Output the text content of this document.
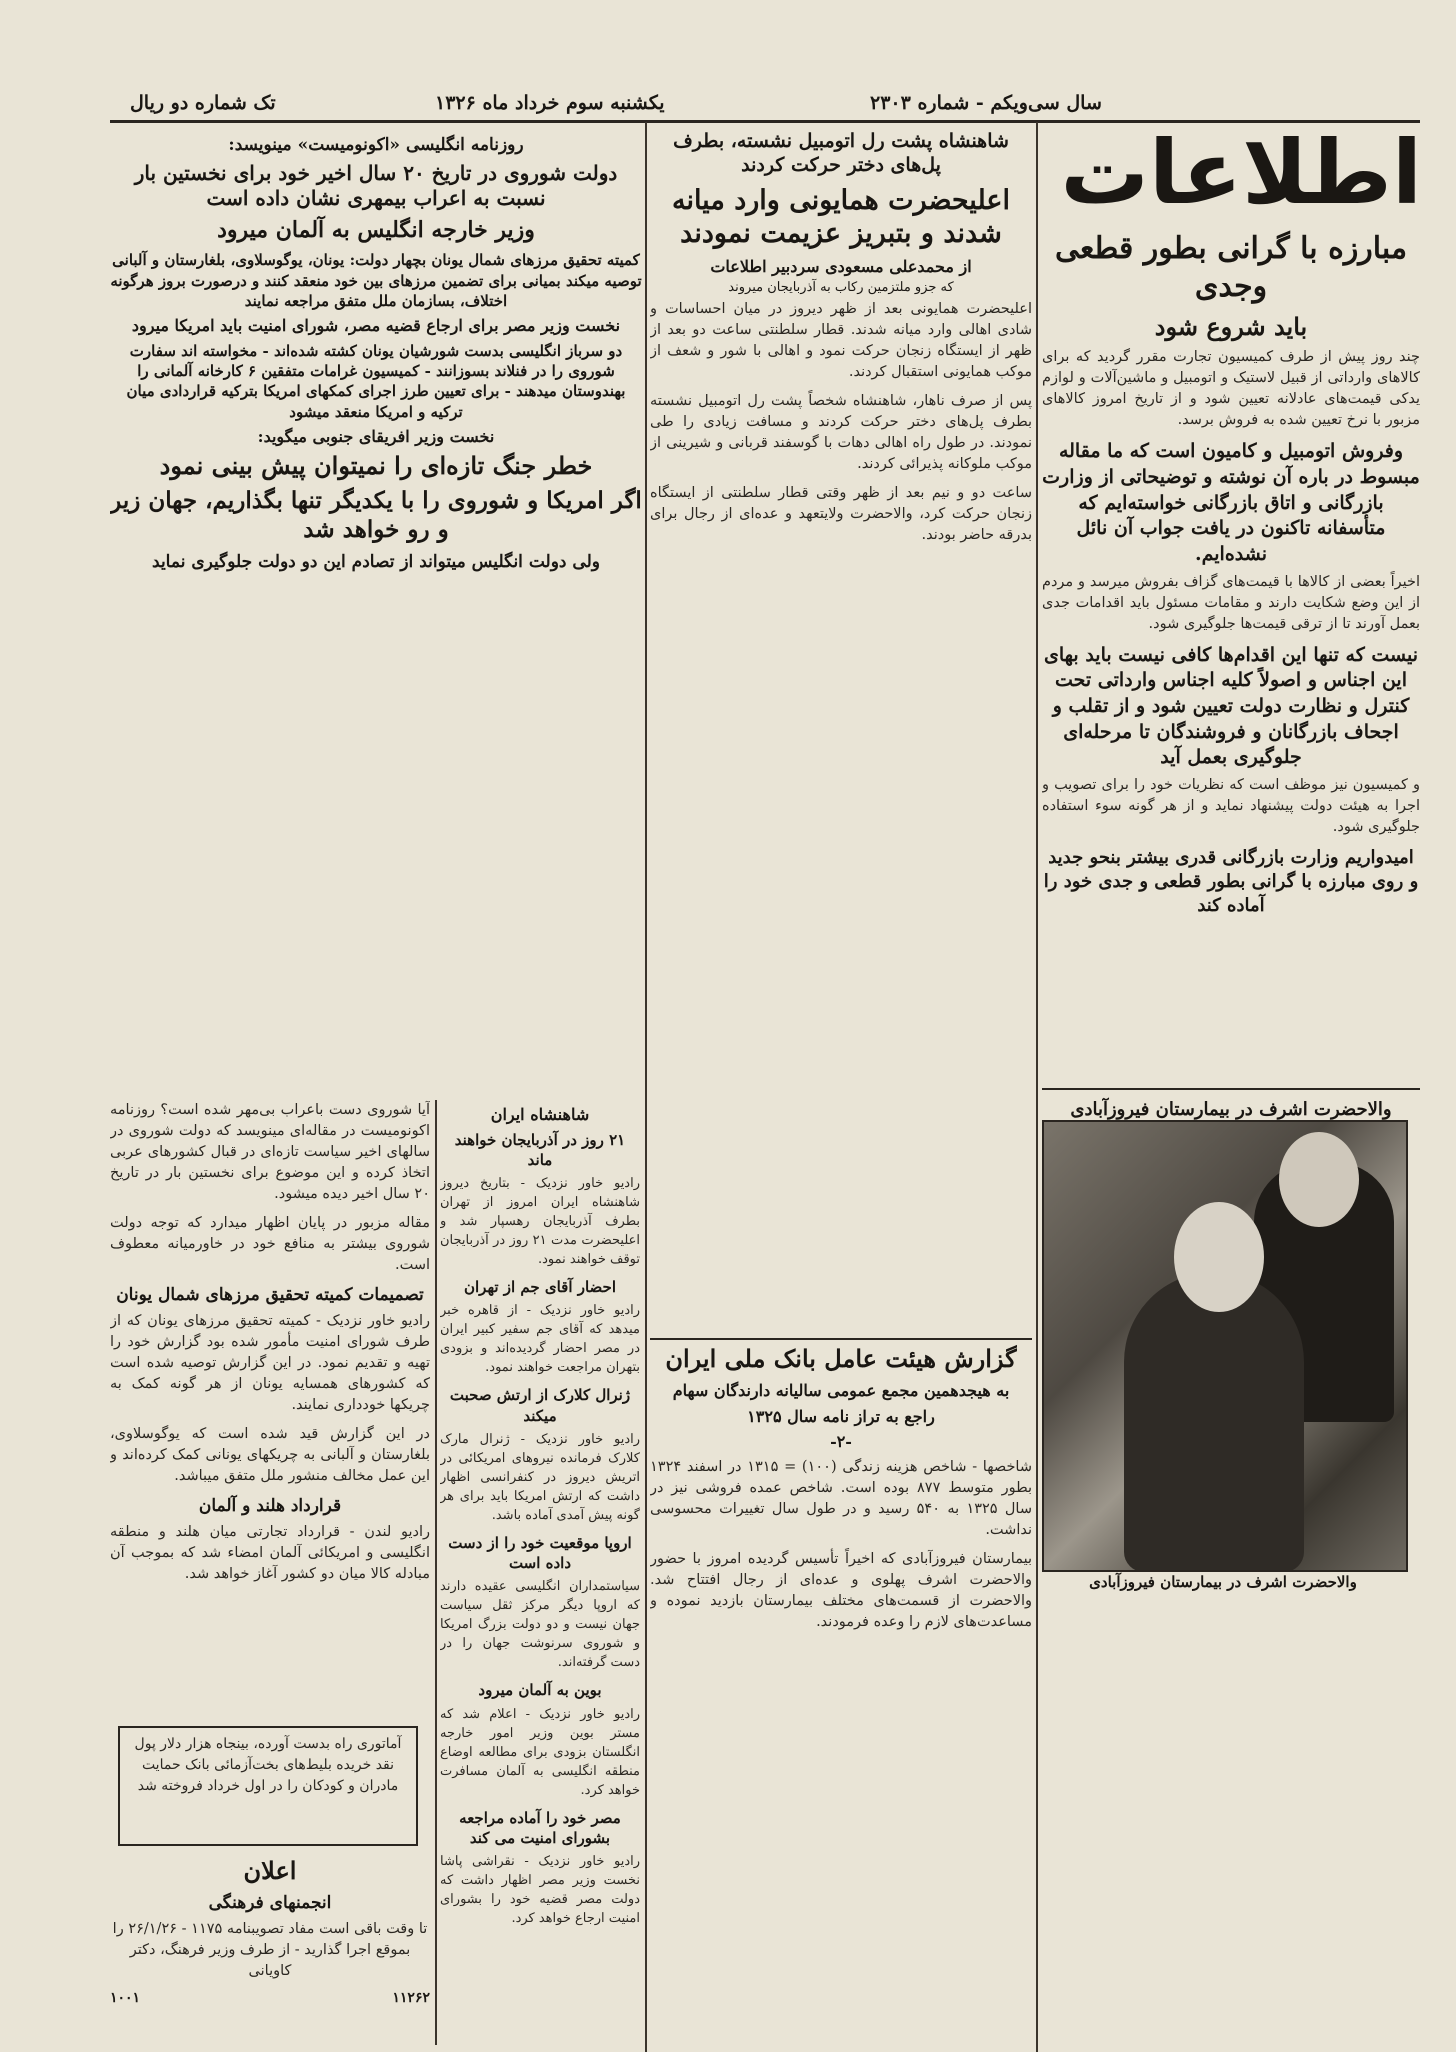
تک شماره دو ریال	یکشنبه سوم خرداد ماه ۱۳۲۶	سال سی‌ویکم - شماره ۲۳۰۳
اطلاعات
مبارزه با گرانی بطور قطعی وجدی
باید شروع شود

چند روز پیش از طرف کمیسیون تجارت مقرر گردید که برای کالاهای وارداتی از قبیل لاستیک و اتومبیل و ماشین‌آلات و لوازم یدکی قیمت‌های عادلانه تعیین شود و از تاریخ امروز کالاهای مزبور با نرخ تعیین شده به فروش برسد.

وفروش اتومبیل و کامیون است که ما مقاله مبسوط در باره آن نوشته و توضیحاتی از وزارت بازرگانی و اتاق بازرگانی خواسته‌ایم که متأسفانه تاکنون در یافت جواب آن نائل نشده‌ایم.

اخیراً بعضی از کالاها با قیمت‌های گزاف بفروش میرسد و مردم از این وضع شکایت دارند و مقامات مسئول باید اقدامات جدی بعمل آورند تا از ترقی قیمت‌ها جلوگیری شود.

نیست که تنها این اقدام‌ها کافی نیست باید بهای این اجناس و اصولاً کلیه اجناس وارداتی تحت کنترل و نظارت دولت تعیین شود و از تقلب و اجحاف بازرگانان و فروشندگان تا مرحله‌ای جلوگیری بعمل آید

و کمیسیون نیز موظف است که نظریات خود را برای تصویب و اجرا به هیئت دولت پیشنهاد نماید و از هر گونه سوء استفاده جلوگیری شود.

امیدواریم وزارت بازرگانی قدری بیشتر بنحو جدید و روی مبارزه با گرانی بطور قطعی و جدی خود را آماده کند
والاحضرت اشرف در بیمارستان فیروزآبادی
والاحضرت اشرف در بیمارستان فیروزآبادی
شاهنشاه پشت رل اتومبیل نشسته، بطرف پل‌های دختر حرکت کردند
اعلیحضرت همایونی وارد میانه شدند و بتبریز عزیمت نمودند
از محمدعلی مسعودی سردبیر اطلاعات
که جزو ملتزمین رکاب به آذربایجان میروند

اعلیحضرت همایونی بعد از ظهر دیروز در میان احساسات و شادی اهالی وارد میانه شدند. قطار سلطنتی ساعت دو بعد از ظهر از ایستگاه زنجان حرکت نمود و اهالی با شور و شعف از موکب همایونی استقبال کردند.

پس از صرف ناهار، شاهنشاه شخصاً پشت رل اتومبیل نشسته بطرف پل‌های دختر حرکت کردند و مسافت زیادی را طی نمودند. در طول راه اهالی دهات با گوسفند قربانی و شیرینی از موکب ملوکانه پذیرائی کردند.

ساعت دو و نیم بعد از ظهر وقتی قطار سلطنتی از ایستگاه زنجان حرکت کرد، والاحضرت ولایتعهد و عده‌ای از رجال برای بدرقه حاضر بودند.

گزارش هیئت عامل بانک ملی ایران
به هیجدهمین مجمع عمومی سالیانه دارندگان سهام
راجع به تراز نامه سال ۱۳۲۵
-۲-

شاخصها - شاخص هزینه زندگی (۱۰۰) = ۱۳۱۵ در اسفند ۱۳۲۴ بطور متوسط ۸۷۷ بوده است. شاخص عمده فروشی نیز در سال ۱۳۲۵ به ۵۴۰ رسید و در طول سال تغییرات محسوسی نداشت.

بیمارستان فیروزآبادی که اخیراً تأسیس گردیده امروز با حضور والاحضرت اشرف پهلوی و عده‌ای از رجال افتتاح شد. والاحضرت از قسمت‌های مختلف بیمارستان بازدید نموده و مساعدت‌های لازم را وعده فرمودند.

روزنامه انگلیسی «اکونومیست» مینویسد:
دولت شوروی در تاریخ ۲۰ سال اخیر خود برای نخستین بار نسبت به اعراب بیمهری نشان داده است
وزیر خارجه انگلیس به آلمان میرود
کمیته تحقیق مرزهای شمال یونان بچهار دولت: یونان، یوگوسلاوی، بلغارستان و آلبانی توصیه میکند بمیانی برای تضمین مرزهای بین خود منعقد کنند و درصورت بروز هرگونه اختلاف، بسازمان ملل متفق مراجعه نمایند
نخست وزیر مصر برای ارجاع قضیه مصر، شورای امنیت باید امریکا میرود
دو سرباز انگلیسی بدست شورشیان یونان کشته شده‌اند - مخواسته اند سفارت شوروی را در فنلاند بسوزانند - کمیسیون غرامات متفقین ۶ کارخانه آلمانی را بهندوستان میدهند - برای تعیین طرز اجرای کمکهای امریکا بترکیه قراردادی میان ترکیه و امریکا منعقد میشود
نخست وزیر افریقای جنوبی میگوید:
خطر جنگ تازه‌ای را نمیتوان پیش بینی نمود
اگر امریکا و شوروی را با یکدیگر تنها بگذاریم، جهان زیر و رو خواهد شد
ولی دولت انگلیس میتواند از تصادم این دو دولت جلوگیری نماید
شاهنشاه ایران
۲۱ روز در آذربایجان خواهند ماند

رادیو خاور نزدیک - بتاریخ دیروز شاهنشاه ایران امروز از تهران بطرف آذربایجان رهسپار شد و اعلیحضرت مدت ۲۱ روز در آذربایجان توقف خواهند نمود.

احضار آقای جم از تهران

رادیو خاور نزدیک - از قاهره خبر میدهد که آقای جم سفیر کبیر ایران در مصر احضار گردیده‌اند و بزودی بتهران مراجعت خواهند نمود.

ژنرال کلارک از ارتش صحبت میکند

رادیو خاور نزدیک - ژنرال مارک کلارک فرمانده نیروهای امریکائی در اتریش دیروز در کنفرانسی اظهار داشت که ارتش امریکا باید برای هر گونه پیش آمدی آماده باشد.

اروپا موقعیت خود را از دست داده است

سیاستمداران انگلیسی عقیده دارند که اروپا دیگر مرکز ثقل سیاست جهان نیست و دو دولت بزرگ امریکا و شوروی سرنوشت جهان را در دست گرفته‌اند.

بوین به آلمان میرود

رادیو خاور نزدیک - اعلام شد که مستر بوین وزیر امور خارجه انگلستان بزودی برای مطالعه اوضاع منطقه انگلیسی به آلمان مسافرت خواهد کرد.

مصر خود را آماده مراجعه بشورای امنیت می کند

رادیو خاور نزدیک - نقراشی پاشا نخست وزیر مصر اظهار داشت که دولت مصر قضیه خود را بشورای امنیت ارجاع خواهد کرد.

آیا شوروی دست باعراب بی‌مهر شده است؟ روزنامه اکونومیست در مقاله‌ای مینویسد که دولت شوروی در سالهای اخیر سیاست تازه‌ای در قبال کشورهای عربی اتخاذ کرده و این موضوع برای نخستین بار در تاریخ ۲۰ سال اخیر دیده میشود.

مقاله مزبور در پایان اظهار میدارد که توجه دولت شوروی بیشتر به منافع خود در خاورمیانه معطوف است.

تصمیمات کمیته تحقیق مرزهای شمال یونان

رادیو خاور نزدیک - کمیته تحقیق مرزهای یونان که از طرف شورای امنیت مأمور شده بود گزارش خود را تهیه و تقدیم نمود. در این گزارش توصیه شده است که کشورهای همسایه یونان از هر گونه کمک به چریکها خودداری نمایند.

در این گزارش قید شده است که یوگوسلاوی، بلغارستان و آلبانی به چریکهای یونانی کمک کرده‌اند و این عمل مخالف منشور ملل متفق میباشد.

قرارداد هلند و آلمان

رادیو لندن - قرارداد تجارتی میان هلند و منطقه انگلیسی و امریکائی آلمان امضاء شد که بموجب آن مبادله کالا میان دو کشور آغاز خواهد شد.

آماتوری راه بدست آورده، بینجاه هزار دلار پول نقد خریده بلیط‌های بخت‌آزمائی بانک حمایت مادران و کودکان را در اول خرداد فروخته شد
اعلان
انجمنهای فرهنگی

تا وقت باقی است مفاد تصویبنامه ۱۱۷۵ - ۲۶/۱/۲۶ را بموقع اجرا گذارید - از طرف وزیر فرهنگ، دکتر کاویانی

۱۱۲۶۲
۱۰۰۱
